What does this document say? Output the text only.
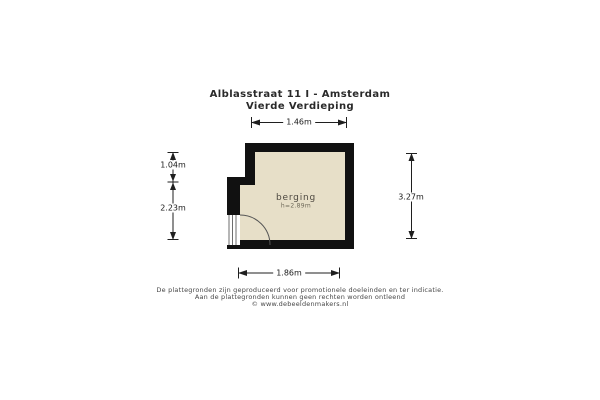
Alblasstraat 11 I - Amsterdam
Vierde Verdieping
1.46m
1.04m
2.23m
3.27m
1.86m
berging
h=2.89m
De plattegronden zijn geproduceerd voor promotionele doeleinden en ter indicatie.
Aan de plattegronden kunnen geen rechten worden ontleend
© www.debeeldenmakers.nl
